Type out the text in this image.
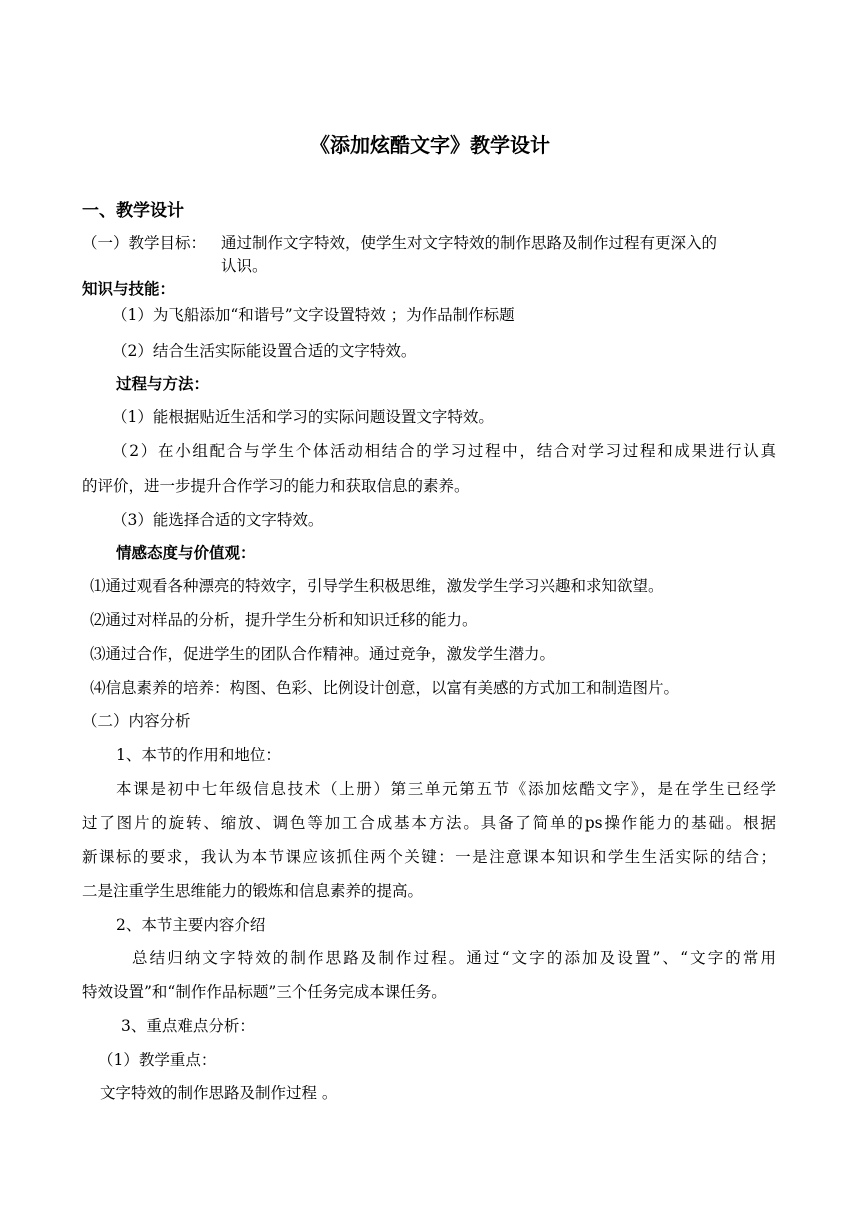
《添加炫酷文字》教学设计
一、教学设计

（一）教学目标： 通过制作文字特效，使学生对文字特效的制作思路及制作过程有更深入的

认识。

知识与技能：

（1）为飞船添加“和谐号”文字设置特效 ；为作品制作标题

（2）结合生活实际能设置合适的文字特效。

过程与方法：

（1）能根据贴近生活和学习的实际问题设置文字特效。

（2）在小组配合与学生个体活动相结合的学习过程中，结合对学习过程和成果进行认真

的评价，进一步提升合作学习的能力和获取信息的素养。

（3）能选择合适的文字特效。

情感态度与价值观：

⑴通过观看各种漂亮的特效字，引导学生积极思维，激发学生学习兴趣和求知欲望。

⑵通过对样品的分析，提升学生分析和知识迁移的能力。

⑶通过合作，促进学生的团队合作精神。通过竞争，激发学生潜力。

⑷信息素养的培养：构图、色彩、比例设计创意，以富有美感的方式加工和制造图片。

（二）内容分析

1、本节的作用和地位：

本课是初中七年级信息技术（上册）第三单元第五节《添加炫酷文字》，是在学生已经学

过了图片的旋转、缩放、调色等加工合成基本方法。具备了简单的ps操作能力的基础。根据

新课标的要求，我认为本节课应该抓住两个关键：一是注意课本知识和学生生活实际的结合；

二是注重学生思维能力的锻炼和信息素养的提高。

2、本节主要内容介绍

总结归纳文字特效的制作思路及制作过程。通过“文字的添加及设置”、“文字的常用

特效设置”和“制作作品标题”三个任务完成本课任务。

3、重点难点分析：

（1）教学重点：

文字特效的制作思路及制作过程 。
